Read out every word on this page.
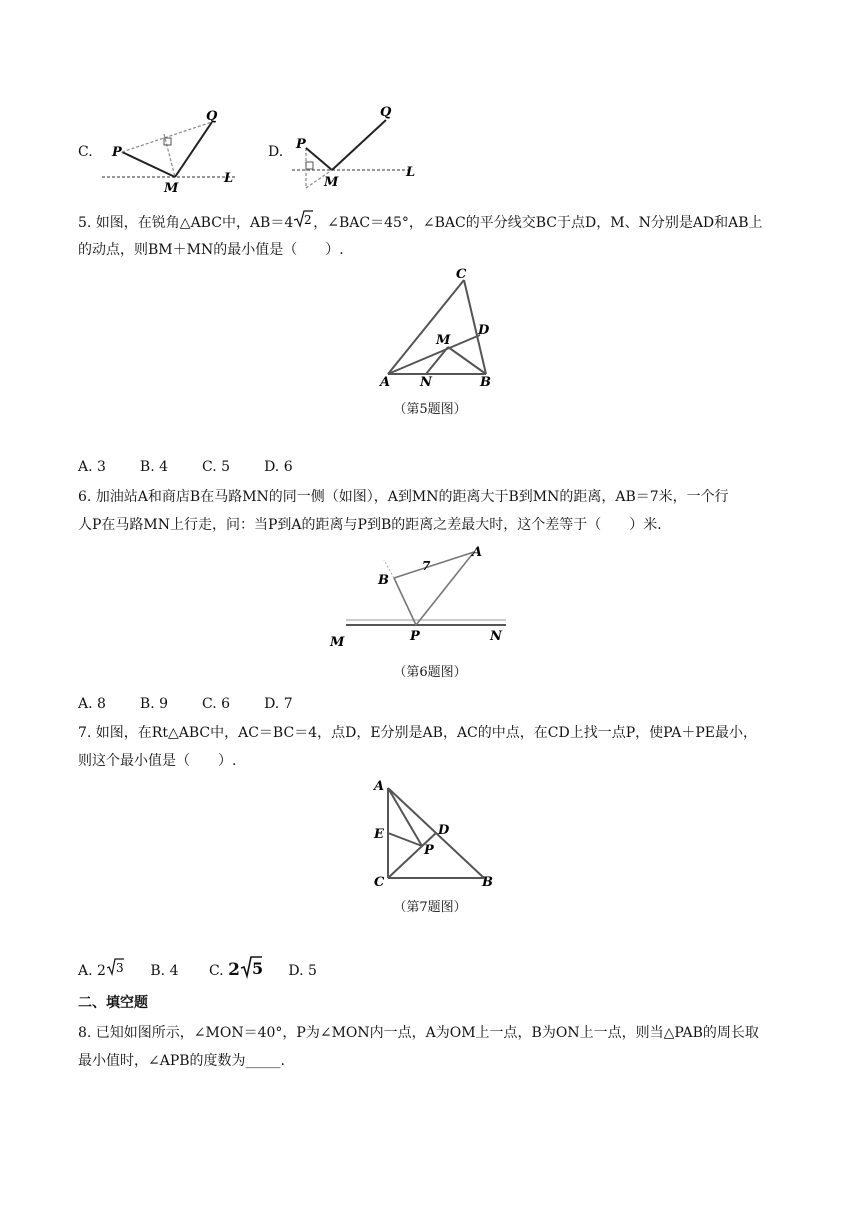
C. P
Q
M
L
D. P
Q
M
L
5. 如图，在锐角△ABC中，AB＝4 2 ，∠BAC＝45°，∠BAC的平分线交BC于点D，M、N分别是AD和AB上
的动点，则BM＋MN的最小值是（　　）.
C
D
M
A N	B
（第5题图）
A. 3 B. 4 C. 5 D. 6
6. 加油站A和商店B在马路MN的同一侧（如图），A到MN的距离大于B到MN的距离，AB＝7米，一个行
人P在马路MN上行走，问：当P到A的距离与P到B的距离之差最大时，这个差等于（　　）米.
B
A
7
P
M	N
（第6题图）
A. 8 B. 9 C. 6 D. 7
7. 如图，在Rt△ABC中，AC＝BC＝4，点D，E分别是AB，AC的中点，在CD上找一点P，使PA＋PE最小，
则这个最小值是（　　）.
A
E	D
P
C	B
（第7题图）
A. 2 3 B. 4 C. 2 5 D. 5
二、填空题
8. 已知如图所示，∠MON＝40°，P为∠MON内一点，A为OM上一点，B为ON上一点，则当△PAB的周长取
最小值时，∠APB的度数为_____.
